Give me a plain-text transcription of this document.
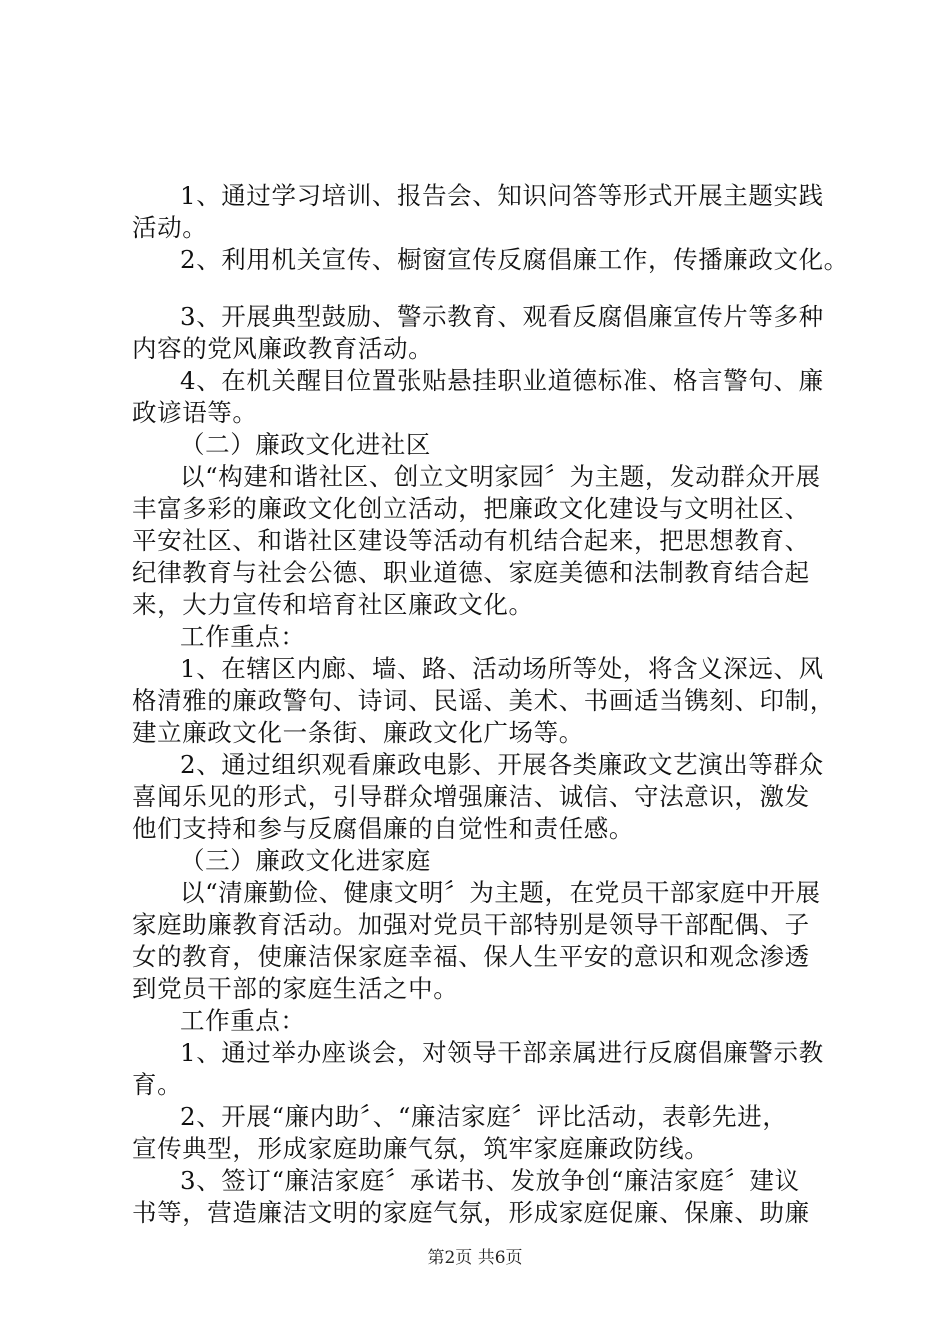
1、通过学习培训、报告会、知识问答等形式开展主题实践
活动。
2、利用机关宣传、橱窗宣传反腐倡廉工作，传播廉政文化。
3、开展典型鼓励、警示教育、观看反腐倡廉宣传片等多种
内容的党风廉政教育活动。
4、在机关醒目位置张贴悬挂职业道德标准、格言警句、廉
政谚语等。
（二）廉政文化进社区
以“构建和谐社区、创立文明家园〞为主题，发动群众开展
丰富多彩的廉政文化创立活动，把廉政文化建设与文明社区、
平安社区、和谐社区建设等活动有机结合起来，把思想教育、
纪律教育与社会公德、职业道德、家庭美德和法制教育结合起
来，大力宣传和培育社区廉政文化。
工作重点：
1、在辖区内廊、墙、路、活动场所等处，将含义深远、风
格清雅的廉政警句、诗词、民谣、美术、书画适当镌刻、印制，
建立廉政文化一条街、廉政文化广场等。
2、通过组织观看廉政电影、开展各类廉政文艺演出等群众
喜闻乐见的形式，引导群众增强廉洁、诚信、守法意识，激发
他们支持和参与反腐倡廉的自觉性和责任感。
（三）廉政文化进家庭
以“清廉勤俭、健康文明〞为主题，在党员干部家庭中开展
家庭助廉教育活动。加强对党员干部特别是领导干部配偶、子
女的教育，使廉洁保家庭幸福、保人生平安的意识和观念渗透
到党员干部的家庭生活之中。
工作重点：
1、通过举办座谈会，对领导干部亲属进行反腐倡廉警示教
育。
2、开展“廉内助〞、“廉洁家庭〞评比活动，表彰先进，
宣传典型，形成家庭助廉气氛，筑牢家庭廉政防线。
3、签订“廉洁家庭〞承诺书、发放争创“廉洁家庭〞建议
书等，营造廉洁文明的家庭气氛，形成家庭促廉、保廉、助廉
第2页 共6页
